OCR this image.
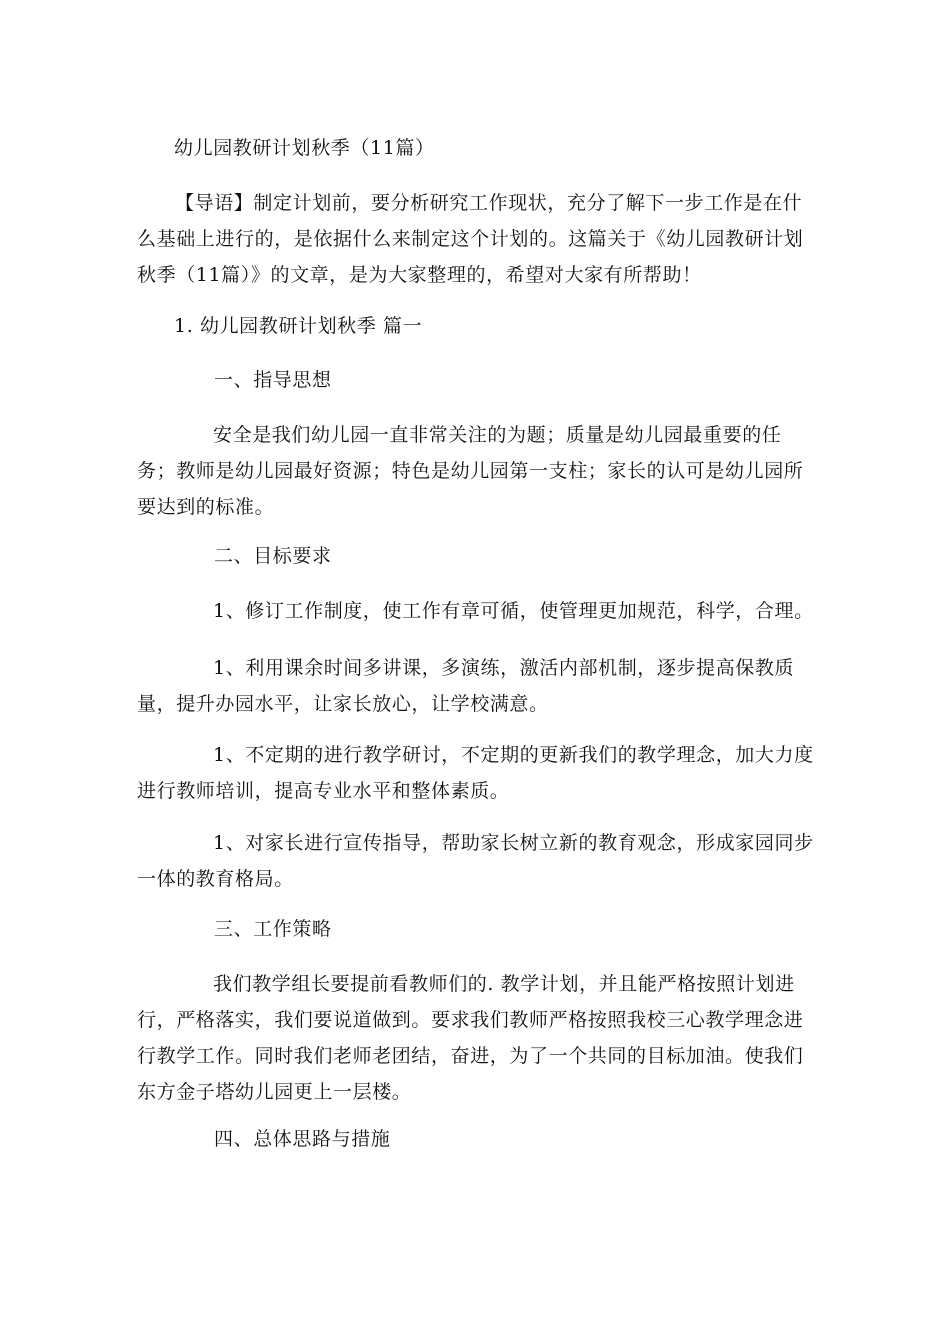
幼儿园教研计划秋季（11篇）
【导语】制定计划前，要分析研究工作现状，充分了解下一步工作是在什么基础上进行的，是依据什么来制定这个计划的。这篇关于《幼儿园教研计划秋季（11篇）》的文章，是为大家整理的，希望对大家有所帮助！
1. 幼儿园教研计划秋季 篇一
一、指导思想
安全是我们幼儿园一直非常关注的为题；质量是幼儿园最重要的任务；教师是幼儿园最好资源；特色是幼儿园第一支柱；家长的认可是幼儿园所要达到的标准。
二、目标要求
1、修订工作制度，使工作有章可循，使管理更加规范，科学，合理。
1、利用课余时间多讲课，多演练，激活内部机制，逐步提高保教质量，提升办园水平，让家长放心，让学校满意。
1、不定期的进行教学研讨，不定期的更新我们的教学理念，加大力度进行教师培训，提高专业水平和整体素质。
1、对家长进行宣传指导，帮助家长树立新的教育观念，形成家园同步一体的教育格局。
三、工作策略
我们教学组长要提前看教师们的. 教学计划，并且能严格按照计划进行，严格落实，我们要说道做到。要求我们教师严格按照我校三心教学理念进行教学工作。同时我们老师老团结，奋进，为了一个共同的目标加油。使我们东方金子塔幼儿园更上一层楼。
四、总体思路与措施
